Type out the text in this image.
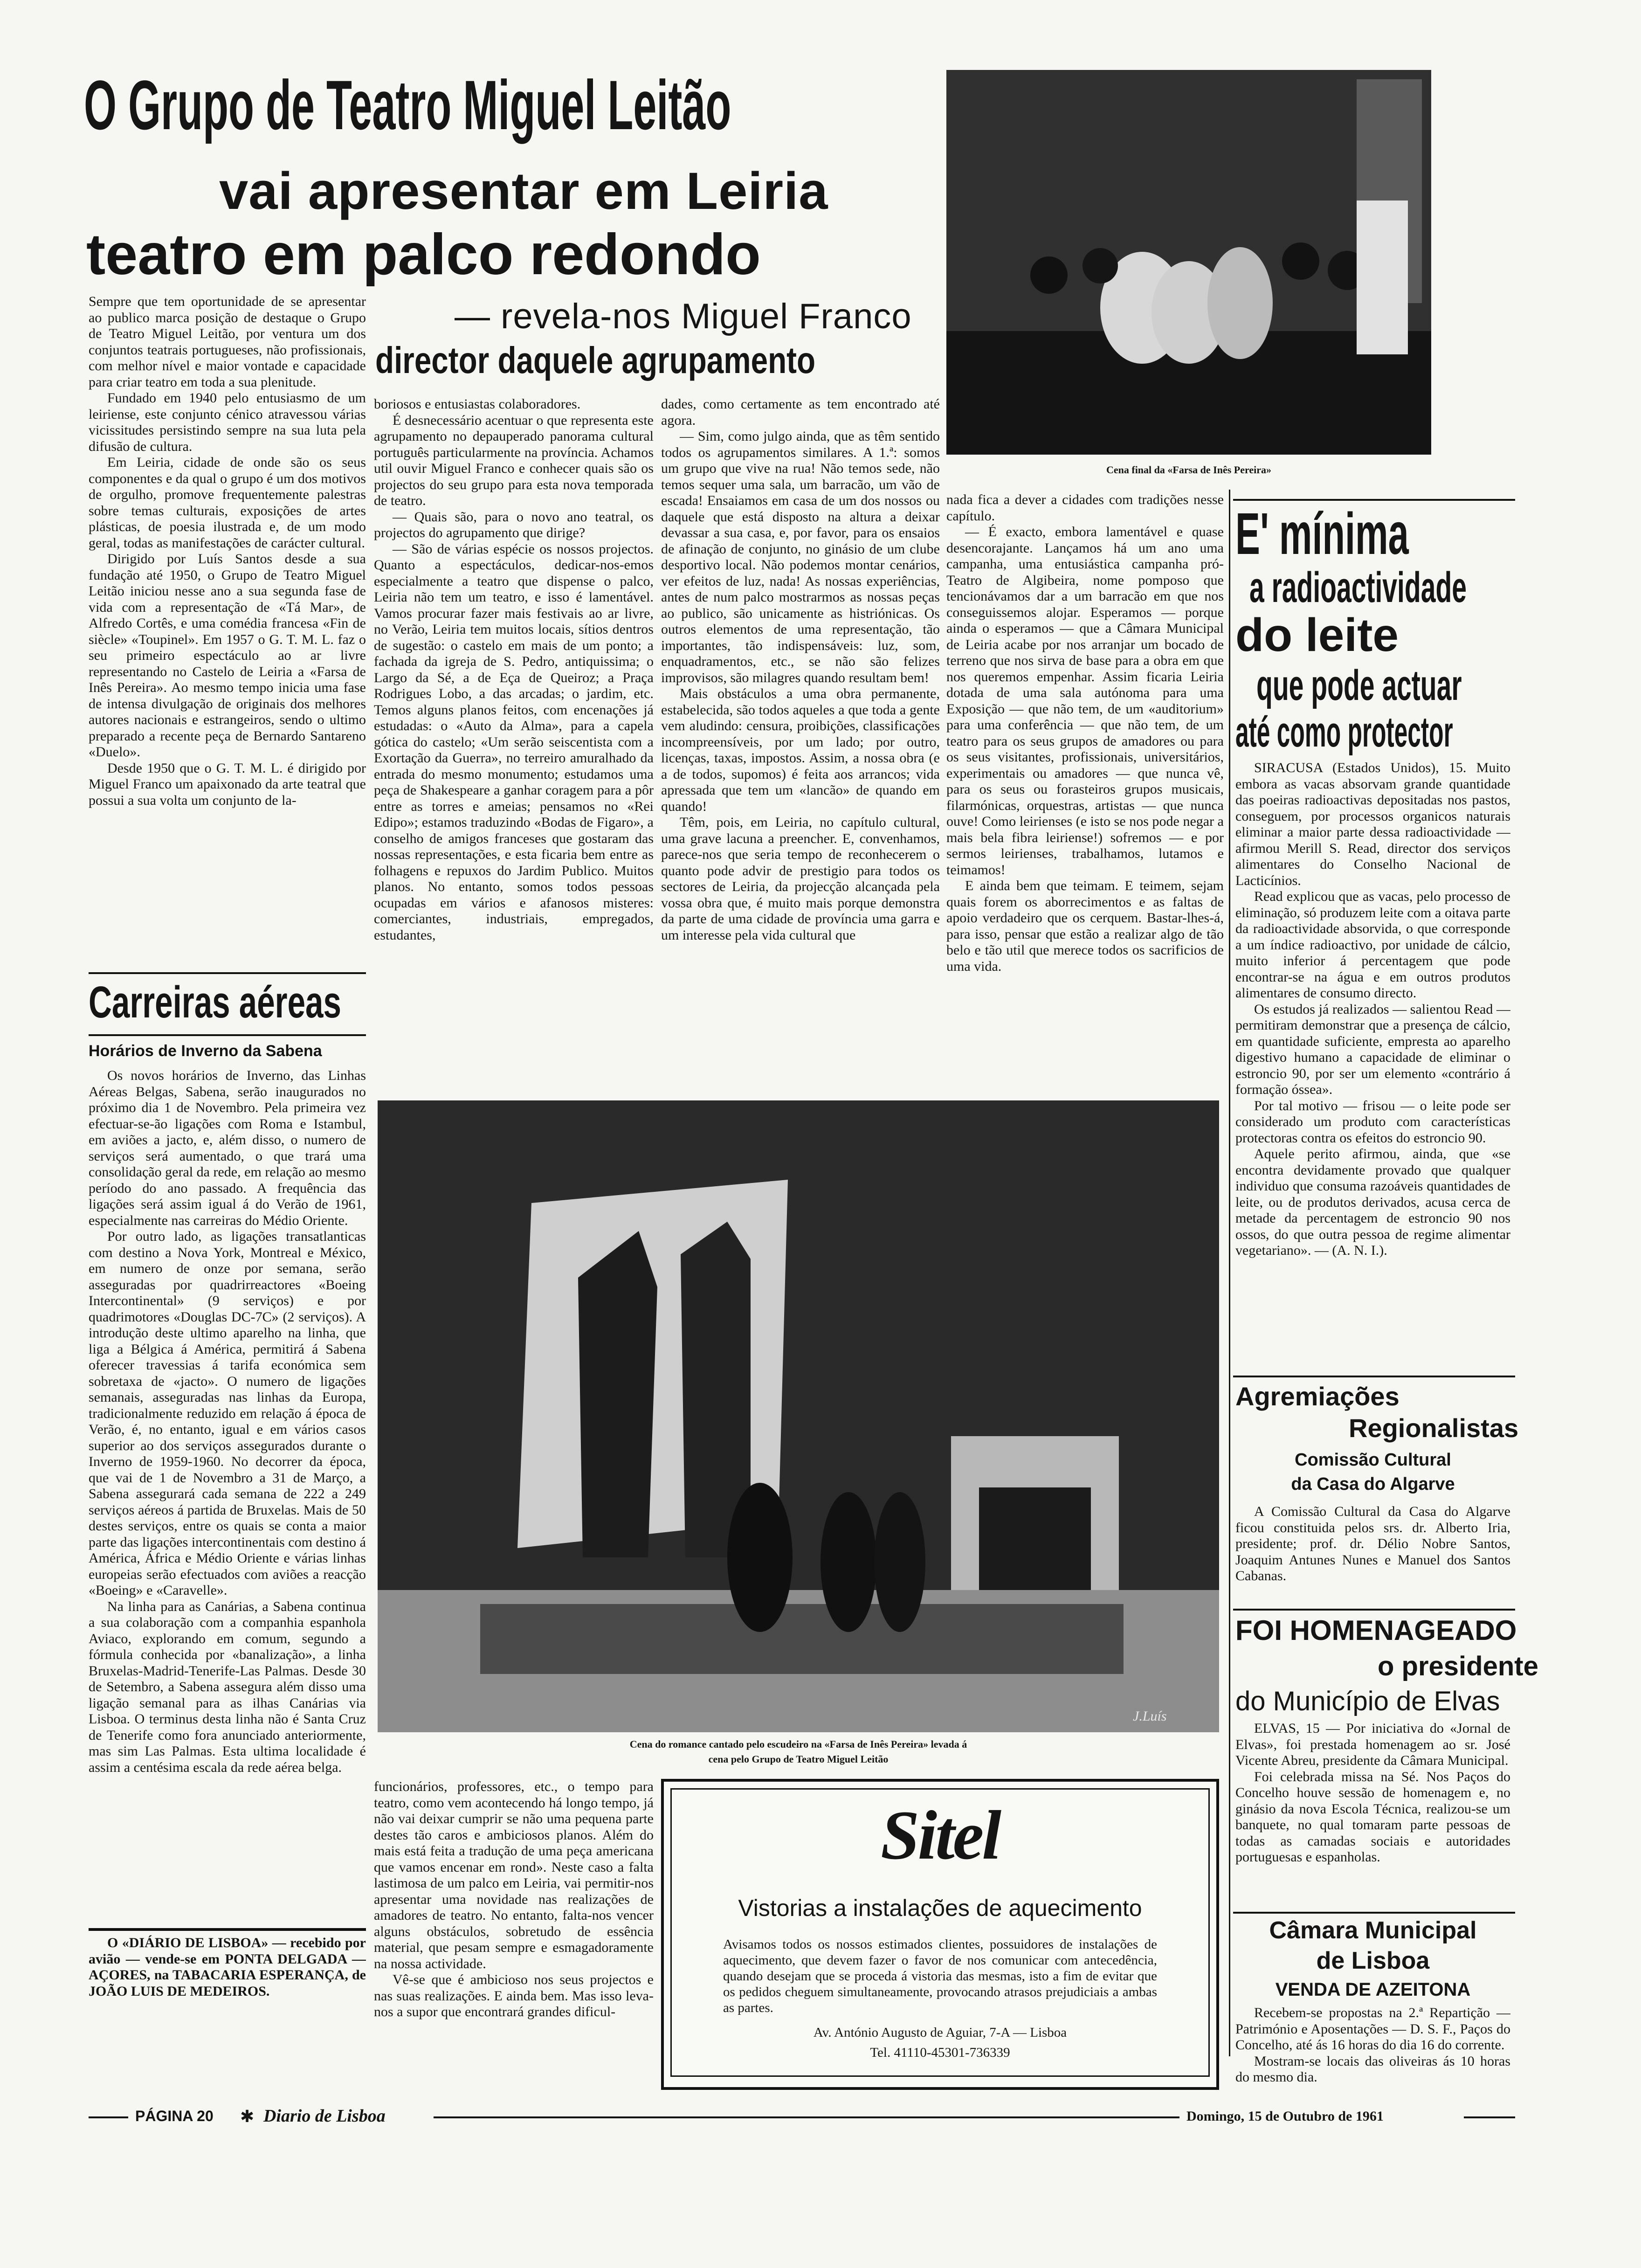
O Grupo de Teatro Miguel Leitão
vai apresentar em Leiria
teatro em palco redondo
— revela-nos Miguel Franco
director daquele agrupamento

Sempre que tem oportunidade de se apresentar ao publico marca posição de destaque o Grupo de Teatro Miguel Leitão, por ventura um dos conjuntos teatrais portugueses, não profissionais, com melhor nível e maior vontade e capacidade para criar teatro em toda a sua plenitude.

Fundado em 1940 pelo entusiasmo de um leiriense, este conjunto cénico atravessou várias vicissitudes persistindo sempre na sua luta pela difusão de cultura.

Em Leiria, cidade de onde são os seus componentes e da qual o grupo é um dos motivos de orgulho, promove frequentemente palestras sobre temas culturais, exposições de artes plásticas, de poesia ilustrada e, de um modo geral, todas as manifestações de carácter cultural.

Dirigido por Luís Santos desde a sua fundação até 1950, o Grupo de Teatro Miguel Leitão iniciou nesse ano a sua segunda fase de vida com a representação de «Tá Mar», de Alfredo Cortês, e uma comédia francesa «Fin de siècle» «Toupinel». Em 1957 o G. T. M. L. faz o seu primeiro espectáculo ao ar livre representando no Castelo de Leiria a «Farsa de Inês Pereira». Ao mesmo tempo inicia uma fase de intensa divulgação de originais dos melhores autores nacionais e estrangeiros, sendo o ultimo preparado a recente peça de Bernardo Santareno «Duelo».

Desde 1950 que o G. T. M. L. é dirigido por Miguel Franco um apaixonado da arte teatral que possui a sua volta um conjunto de la-

boriosos e entusiastas colaboradores.

É desnecessário acentuar o que representa este agrupamento no depauperado panorama cultural português particularmente na província. Achamos util ouvir Miguel Franco e conhecer quais são os projectos do seu grupo para esta nova temporada de teatro.

— Quais são, para o novo ano teatral, os projectos do agrupamento que dirige?

— São de várias espécie os nossos projectos. Quanto a espectáculos, dedicar-nos-emos especialmente a teatro que dispense o palco, Leiria não tem um teatro, e isso é lamentável. Vamos procurar fazer mais festivais ao ar livre, no Verão, Leiria tem muitos locais, sítios dentros de sugestão: o castelo em mais de um ponto; a fachada da igreja de S. Pedro, antiquissima; o Largo da Sé, a de Eça de Queiroz; a Praça Rodrigues Lobo, a das arcadas; o jardim, etc. Temos alguns planos feitos, com encenações já estudadas: o «Auto da Alma», para a capela gótica do castelo; «Um serão seiscentista com a Exortação da Guerra», no terreiro amuralhado da entrada do mesmo monumento; estudamos uma peça de Shakespeare a ganhar coragem para a pôr entre as torres e ameias; pensamos no «Rei Edipo»; estamos traduzindo «Bodas de Figaro», a conselho de amigos franceses que gostaram das nossas representações, e esta ficaria bem entre as folhagens e repuxos do Jardim Publico. Muitos planos. No entanto, somos todos pessoas ocupadas em vários e afanosos misteres: comerciantes, industriais, empregados, estudantes,

dades, como certamente as tem encontrado até agora.

— Sim, como julgo ainda, que as têm sentido todos os agrupamentos similares. A 1.ª: somos um grupo que vive na rua! Não temos sede, não temos sequer uma sala, um barracão, um vão de escada! Ensaiamos em casa de um dos nossos ou daquele que está disposto na altura a deixar devassar a sua casa, e, por favor, para os ensaios de afinação de conjunto, no ginásio de um clube desportivo local. Não podemos montar cenários, ver efeitos de luz, nada! As nossas experiências, antes de num palco mostrarmos as nossas peças ao publico, são unicamente as histriónicas. Os outros elementos de uma representação, tão importantes, tão indispensáveis: luz, som, enquadramentos, etc., se não são felizes improvisos, são milagres quando resultam bem!

Mais obstáculos a uma obra permanente, estabelecida, são todos aqueles a que toda a gente vem aludindo: censura, proibições, classificações incompreensíveis, por um lado; por outro, licenças, taxas, impostos. Assim, a nossa obra (e a de todos, supomos) é feita aos arrancos; vida apressada que tem um «lancão» de quando em quando!

Têm, pois, em Leiria, no capítulo cultural, uma grave lacuna a preencher. E, convenhamos, parece-nos que seria tempo de reconhecerem o quanto pode advir de prestigio para todos os sectores de Leiria, da projecção alcançada pela vossa obra que, é muito mais porque demonstra da parte de uma cidade de província uma garra e um interesse pela vida cultural que

Cena final da «Farsa de Inês Pereira»

nada fica a dever a cidades com tradições nesse capítulo.

— É exacto, embora lamentável e quase desencorajante. Lançamos há um ano uma campanha, uma entusiástica campanha pró-Teatro de Algibeira, nome pomposo que tencionávamos dar a um barracão em que nos conseguissemos alojar. Esperamos — porque ainda o esperamos — que a Câmara Municipal de Leiria acabe por nos arranjar um bocado de terreno que nos sirva de base para a obra em que nos queremos empenhar. Assim ficaria Leiria dotada de uma sala autónoma para uma Exposição — que não tem, de um «auditorium» para uma conferência — que não tem, de um teatro para os seus grupos de amadores ou para os seus visitantes, profissionais, universitários, experimentais ou amadores — que nunca vê, para os seus ou forasteiros grupos musicais, filarmónicas, orquestras, artistas — que nunca ouve! Como leirienses (e isto se nos pode negar a mais bela fibra leiriense!) sofremos — e por sermos leirienses, trabalhamos, lutamos e teimamos!

E ainda bem que teimam. E teimem, sejam quais forem os aborrecimentos e as faltas de apoio verdadeiro que os cerquem. Bastar-lhes-á, para isso, pensar que estão a realizar algo de tão belo e tão util que merece todos os sacrificios de uma vida.

J.Luís
Cena do romance cantado pelo escudeiro na «Farsa de Inês Pereira» levada á
cena pelo Grupo de Teatro Miguel Leitão

funcionários, professores, etc., o tempo para teatro, como vem acontecendo há longo tempo, já não vai deixar cumprir se não uma pequena parte destes tão caros e ambiciosos planos. Além do mais está feita a tradução de uma peça americana que vamos encenar em rond». Neste caso a falta lastimosa de um palco em Leiria, vai permitir-nos apresentar uma novidade nas realizações de amadores de teatro. No entanto, falta-nos vencer alguns obstáculos, sobretudo de essência material, que pesam sempre e esmagadoramente na nossa actividade.

Vê-se que é ambicioso nos seus projectos e nas suas realizações. E ainda bem. Mas isso leva-nos a supor que encontrará grandes dificul-

Carreiras aéreas
Horários de Inverno da Sabena

Os novos horários de Inverno, das Linhas Aéreas Belgas, Sabena, serão inaugurados no próximo dia 1 de Novembro. Pela primeira vez efectuar-se-ão ligações com Roma e Istambul, em aviões a jacto, e, além disso, o numero de serviços será aumentado, o que trará uma consolidação geral da rede, em relação ao mesmo período do ano passado. A frequência das ligações será assim igual á do Verão de 1961, especialmente nas carreiras do Médio Oriente.

Por outro lado, as ligações transatlanticas com destino a Nova York, Montreal e México, em numero de onze por semana, serão asseguradas por quadrirreactores «Boeing Intercontinental» (9 serviços) e por quadrimotores «Douglas DC-7C» (2 serviços). A introdução deste ultimo aparelho na linha, que liga a Bélgica á América, permitirá á Sabena oferecer travessias á tarifa económica sem sobretaxa de «jacto». O numero de ligações semanais, asseguradas nas linhas da Europa, tradicionalmente reduzido em relação á época de Verão, é, no entanto, igual e em vários casos superior ao dos serviços assegurados durante o Inverno de 1959-1960. No decorrer da época, que vai de 1 de Novembro a 31 de Março, a Sabena assegurará cada semana de 222 a 249 serviços aéreos á partida de Bruxelas. Mais de 50 destes serviços, entre os quais se conta a maior parte das ligações intercontinentais com destino á América, África e Médio Oriente e várias linhas europeias serão efectuados com aviões a reacção «Boeing» e «Caravelle».

Na linha para as Canárias, a Sabena continua a sua colaboração com a companhia espanhola Aviaco, explorando em comum, segundo a fórmula conhecida por «banalização», a linha Bruxelas-Madrid-Tenerife-Las Palmas. Desde 30 de Setembro, a Sabena assegura além disso uma ligação semanal para as ilhas Canárias via Lisboa. O terminus desta linha não é Santa Cruz de Tenerife como fora anunciado anteriormente, mas sim Las Palmas. Esta ultima localidade é assim a centésima escala da rede aérea belga.

O «DIÁRIO DE LISBOA» — recebido por avião — vende-se em PONTA DELGADA — AÇORES, na TABACARIA ESPERANÇA, de JOÃO LUIS DE MEDEIROS.

E' mínima
a radioactividade
do leite
que pode actuar
até como protector

SIRACUSA (Estados Unidos), 15. Muito embora as vacas absorvam grande quantidade das poeiras radioactivas depositadas nos pastos, conseguem, por processos organicos naturais eliminar a maior parte dessa radioactividade — afirmou Merill S. Read, director dos serviços alimentares do Conselho Nacional de Lacticínios.

Read explicou que as vacas, pelo processo de eliminação, só produzem leite com a oitava parte da radioactividade absorvida, o que corresponde a um índice radioactivo, por unidade de cálcio, muito inferior á percentagem que pode encontrar-se na água e em outros produtos alimentares de consumo directo.

Os estudos já realizados — salientou Read — permitiram demonstrar que a presença de cálcio, em quantidade suficiente, empresta ao aparelho digestivo humano a capacidade de eliminar o estroncio 90, por ser um elemento «contrário á formação óssea».

Por tal motivo — frisou — o leite pode ser considerado um produto com características protectoras contra os efeitos do estroncio 90.

Aquele perito afirmou, ainda, que «se encontra devidamente provado que qualquer individuo que consuma razoáveis quantidades de leite, ou de produtos derivados, acusa cerca de metade da percentagem de estroncio 90 nos ossos, do que outra pessoa de regime alimentar vegetariano». — (A. N. I.).

Agremiações
Regionalistas
Comissão Cultural
da Casa do Algarve

A Comissão Cultural da Casa do Algarve ficou constituida pelos srs. dr. Alberto Iria, presidente; prof. dr. Délio Nobre Santos, Joaquim Antunes Nunes e Manuel dos Santos Cabanas.

FOI HOMENAGEADO
o presidente
do Município de Elvas

ELVAS, 15 — Por iniciativa do «Jornal de Elvas», foi prestada homenagem ao sr. José Vicente Abreu, presidente da Câmara Municipal.

Foi celebrada missa na Sé. Nos Paços do Concelho houve sessão de homenagem e, no ginásio da nova Escola Técnica, realizou-se um banquete, no qual tomaram parte pessoas de todas as camadas sociais e autoridades portuguesas e espanholas.

Câmara Municipal
de Lisboa
VENDA DE AZEITONA

Recebem-se propostas na 2.ª Repartição — Património e Aposentações — D. S. F., Paços do Concelho, até ás 16 horas do dia 16 do corrente.

Mostram-se locais das oliveiras ás 10 horas do mesmo dia.

Sitel
Vistorias a instalações de aquecimento
Avisamos todos os nossos estimados clientes, possuidores de instalações de aquecimento, que devem fazer o favor de nos comunicar com antecedência, quando desejam que se proceda á vistoria das mesmas, isto a fim de evitar que os pedidos cheguem simultaneamente, provocando atrasos prejudiciais a ambas as partes.
Av. António Augusto de Aguiar, 7-A — Lisboa
Tel. 41110-45301-736339
PÁGINA 20 ✱ Diario de Lisboa	Domingo, 15 de Outubro de 1961
